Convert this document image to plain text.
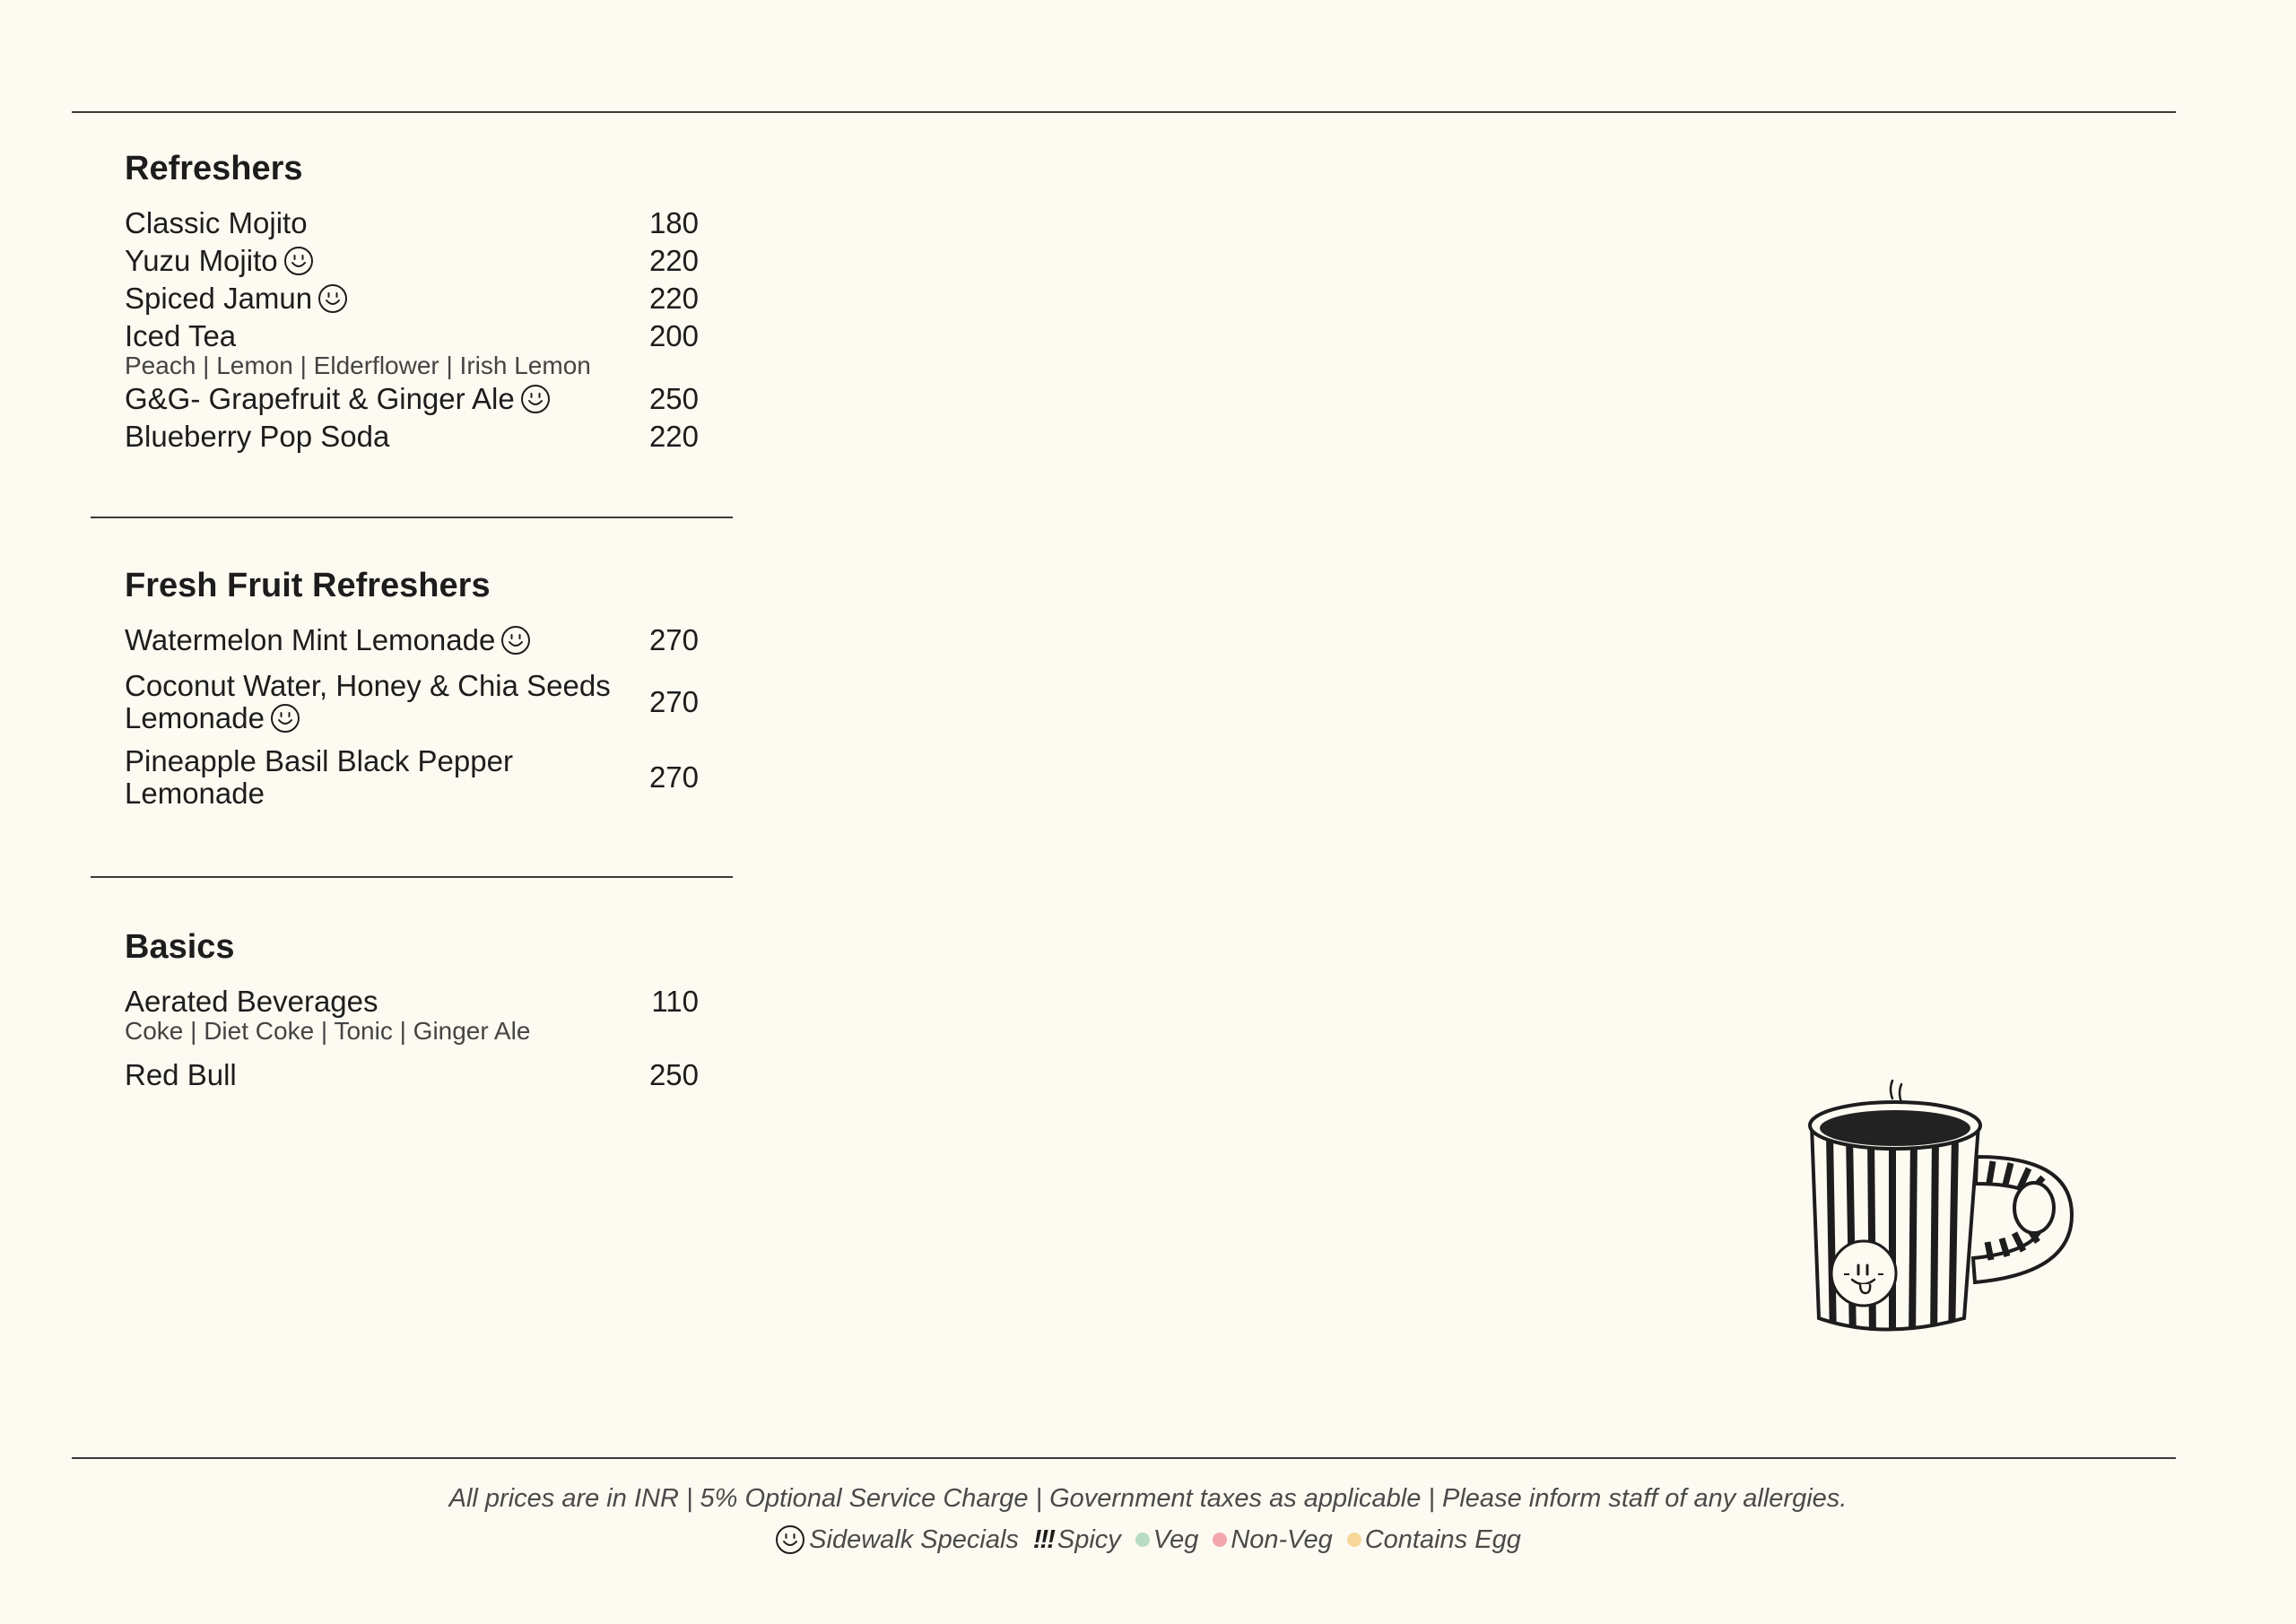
Refreshers
Classic Mojito	180
Yuzu Mojito	220
Spiced Jamun	220
Iced Tea	200
Peach | Lemon | Elderflower | Irish Lemon
G&G- Grapefruit & Ginger Ale	250
Blueberry Pop Soda	220
Fresh Fruit Refreshers
Watermelon Mint Lemonade	270
Coconut Water, Honey & Chia Seeds
Lemonade	270
Pineapple Basil Black Pepper
Lemonade	270
Basics
Aerated Beverages	110
Coke | Diet Coke | Tonic | Ginger Ale
Red Bull	250
All prices are in INR | 5% Optional Service Charge | Government taxes as applicable | Please inform staff of any allergies.
Sidewalk Specials !!! Spicy Veg Non-Veg Contains Egg
